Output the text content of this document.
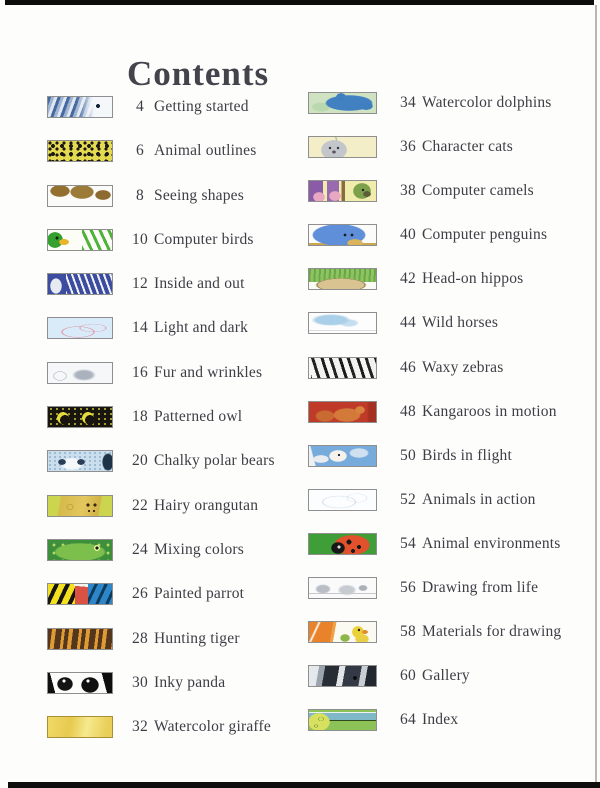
Contents
4 Getting started
6 Animal outlines
8 Seeing shapes
10 Computer birds
12 Inside and out
14 Light and dark
16 Fur and wrinkles
18 Patterned owl
20 Chalky polar bears
22 Hairy orangutan
24 Mixing colors
26 Painted parrot
28 Hunting tiger
30 Inky panda
32 Watercolor giraffe
34 Watercolor dolphins
36 Character cats
38 Computer camels
40 Computer penguins
42 Head-on hippos
44 Wild horses
46 Waxy zebras
48 Kangaroos in motion
50 Birds in flight
52 Animals in action
54 Animal environments
56 Drawing from life
58 Materials for drawing
60 Gallery
64 Index
